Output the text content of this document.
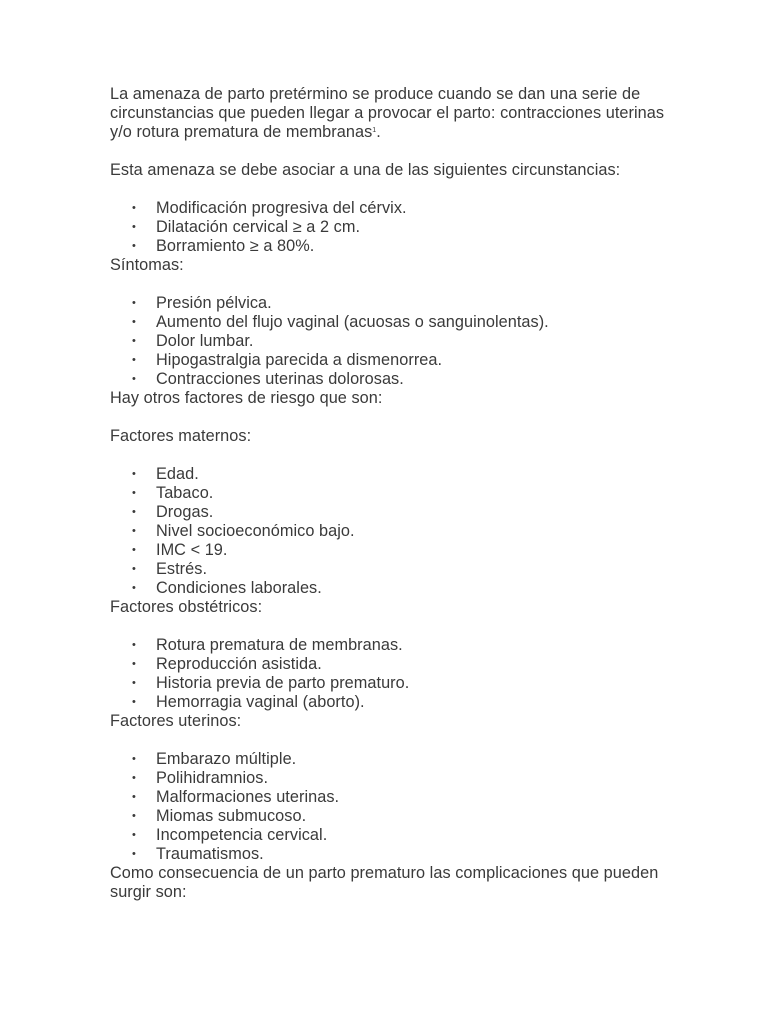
La amenaza de parto pretérmino se produce cuando se dan una serie de circunstancias que pueden llegar a provocar el parto: contracciones uterinas y/o rotura prematura de membranas$^1$.

Esta amenaza se debe asociar a una de las siguientes circunstancias:

• Modificación progresiva del cérvix.
• Dilatación cervical ≥ a 2 cm.
• Borramiento ≥ a 80%.

Síntomas:

• Presión pélvica.
• Aumento del flujo vaginal (acuosas o sanguinolentas).
• Dolor lumbar.
• Hipogastralgia parecida a dismenorrea.
• Contracciones uterinas dolorosas.

Hay otros factores de riesgo que son:

Factores maternos:

• Edad.
• Tabaco.
• Drogas.
• Nivel socioeconómico bajo.
• IMC < 19.
• Estrés.
• Condiciones laborales.

Factores obstétricos:

• Rotura prematura de membranas.
• Reproducción asistida.
• Historia previa de parto prematuro.
• Hemorragia vaginal (aborto).

Factores uterinos:

• Embarazo múltiple.
• Polihidramnios.
• Malformaciones uterinas.
• Miomas submucoso.
• Incompetencia cervical.
• Traumatismos.

Como consecuencia de un parto prematuro las complicaciones que pueden surgir son:
